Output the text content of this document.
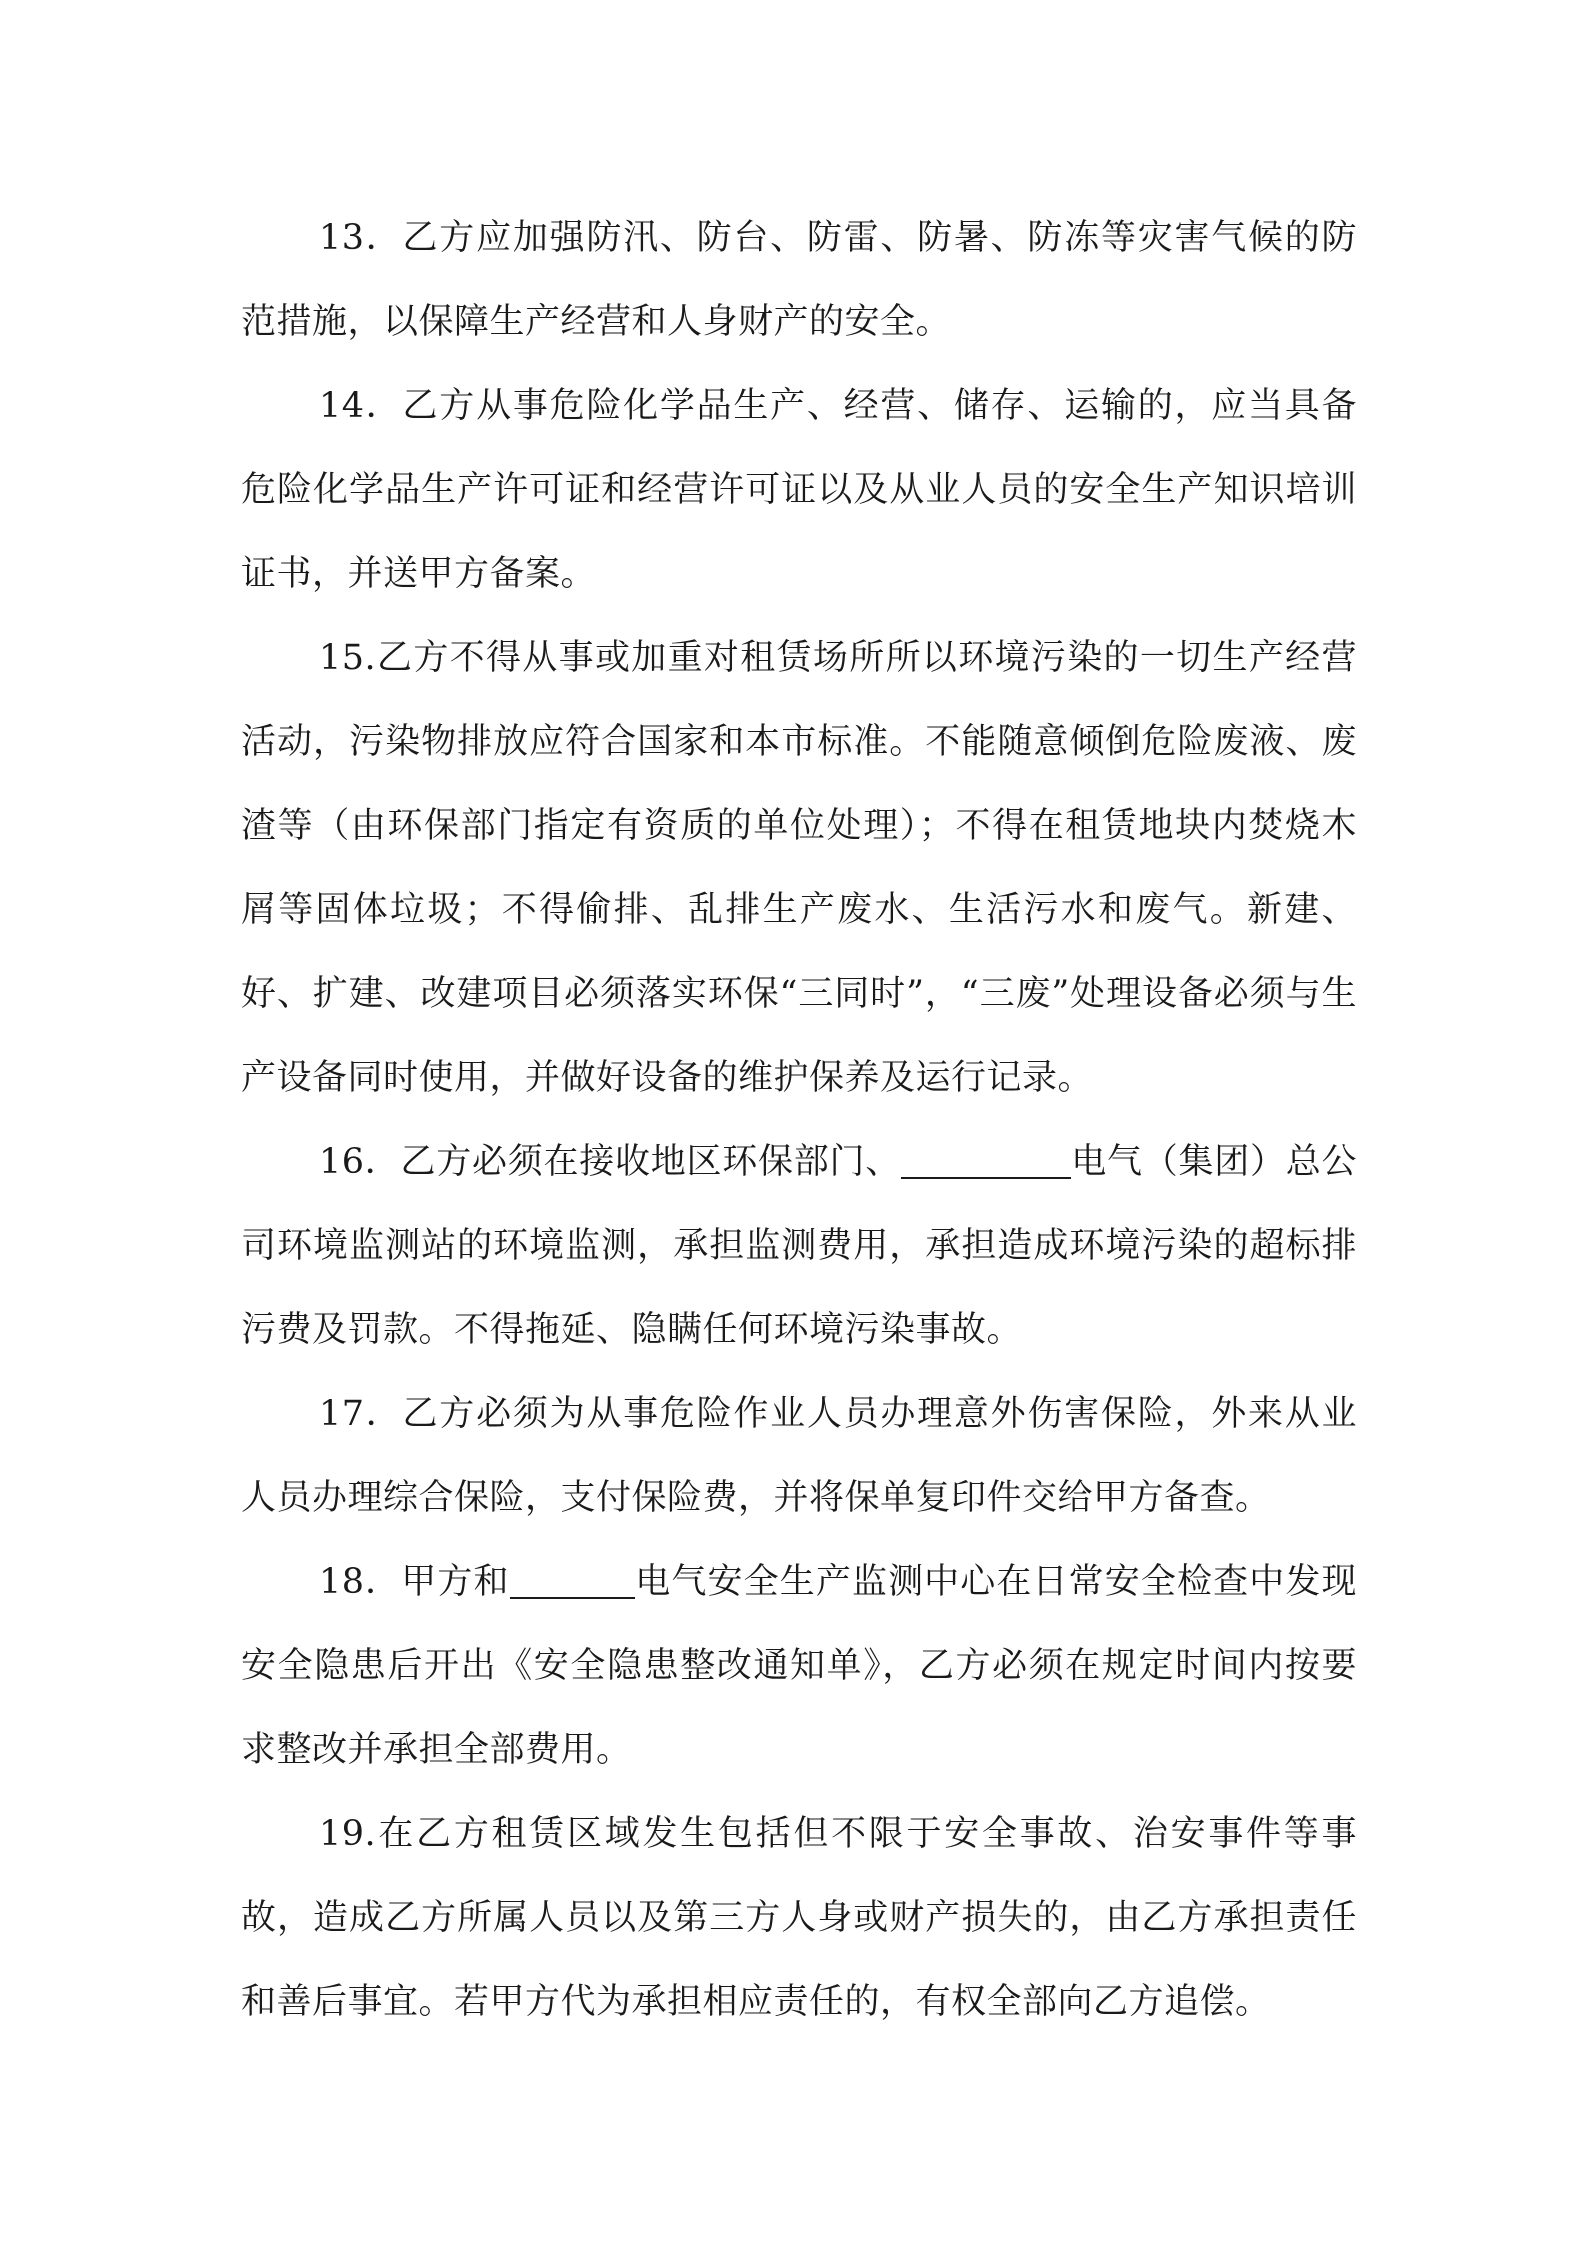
13．乙方应加强防汛、防台、防雷、防暑、防冻等灾害气候的防范措施，以保障生产经营和人身财产的安全。

14．乙方从事危险化学品生产、经营、储存、运输的，应当具备危险化学品生产许可证和经营许可证以及从业人员的安全生产知识培训证书，并送甲方备案。

15.乙方不得从事或加重对租赁场所所以环境污染的一切生产经营活动，污染物排放应符合国家和本市标准。不能随意倾倒危险废液、废渣等（由环保部门指定有资质的单位处理）；不得在租赁地块内焚烧木屑等固体垃圾；不得偷排、乱排生产废水、生活污水和废气。新建、好、扩建、改建项目必须落实环保“三同时”，“三废”处理设备必须与生产设备同时使用，并做好设备的维护保养及运行记录。

16．乙方必须在接收地区环保部门、	电气（集团）总公司环境监测站的环境监测，承担监测费用，承担造成环境污染的超标排污费及罚款。不得拖延、隐瞒任何环境污染事故。

17．乙方必须为从事危险作业人员办理意外伤害保险，外来从业人员办理综合保险，支付保险费，并将保单复印件交给甲方备查。

18．甲方和	电气安全生产监测中心在日常安全检查中发现安全隐患后开出《安全隐患整改通知单》，乙方必须在规定时间内按要求整改并承担全部费用。

19.在乙方租赁区域发生包括但不限于安全事故、治安事件等事故，造成乙方所属人员以及第三方人身或财产损失的，由乙方承担责任和善后事宜。若甲方代为承担相应责任的，有权全部向乙方追偿。
